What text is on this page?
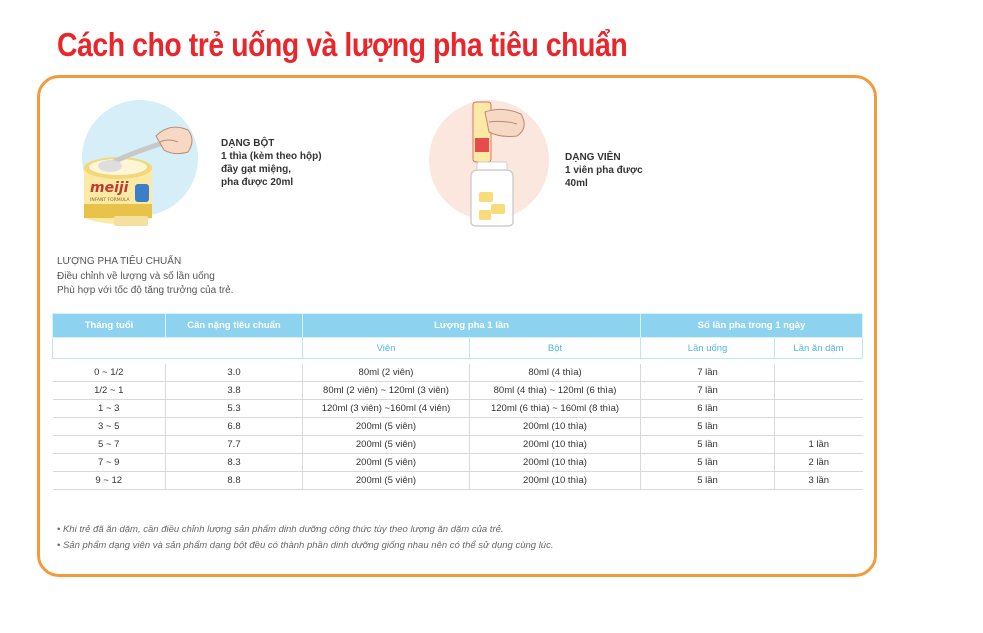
Cách cho trẻ uống và lượng pha tiêu chuẩn
meiji
INFANT FORMULA
DẠNG BỘT
1 thìa (kèm theo hộp)
đầy gạt miệng,
pha được 20ml
DẠNG VIÊN
1 viên pha được
40ml
LƯỢNG PHA TIÊU CHUẨN
Điều chỉnh về lượng và số lần uống
Phù hợp với tốc độ tăng trưởng của trẻ.
Tháng tuổi	Cân nặng tiêu chuẩn	Lượng pha 1 lần		Số lần pha trong 1 ngày	
		Viên	Bột	Lần uống	Lần ăn dặm

0 ~ 1/2	3.0	80ml (2 viên)	80ml (4 thìa)	7 lần	
1/2 ~ 1	3.8	80ml (2 viên) ~ 120ml (3 viên)	80ml (4 thìa) ~ 120ml (6 thìa)	7 lần	
1 ~ 3	5.3	120ml (3 viên) ~160ml (4 viên)	120ml (6 thìa) ~ 160ml (8 thìa)	6 lần	
3 ~ 5	6.8	200ml (5 viên)	200ml (10 thìa)	5 lần	
5 ~ 7	7.7	200ml (5 viên)	200ml (10 thìa)	5 lần	1 lần
7 ~ 9	8.3	200ml (5 viên)	200ml (10 thìa)	5 lần	2 lần
9 ~ 12	8.8	200ml (5 viên)	200ml (10 thìa)	5 lần	3 lần
• Khi trẻ đã ăn dặm, cần điều chỉnh lượng sản phẩm dinh dưỡng công thức tùy theo lượng ăn dặm của trẻ.
• Sản phẩm dạng viên và sản phẩm dạng bột đều có thành phần dinh dưỡng giống nhau nên có thể sử dụng cùng lúc.
